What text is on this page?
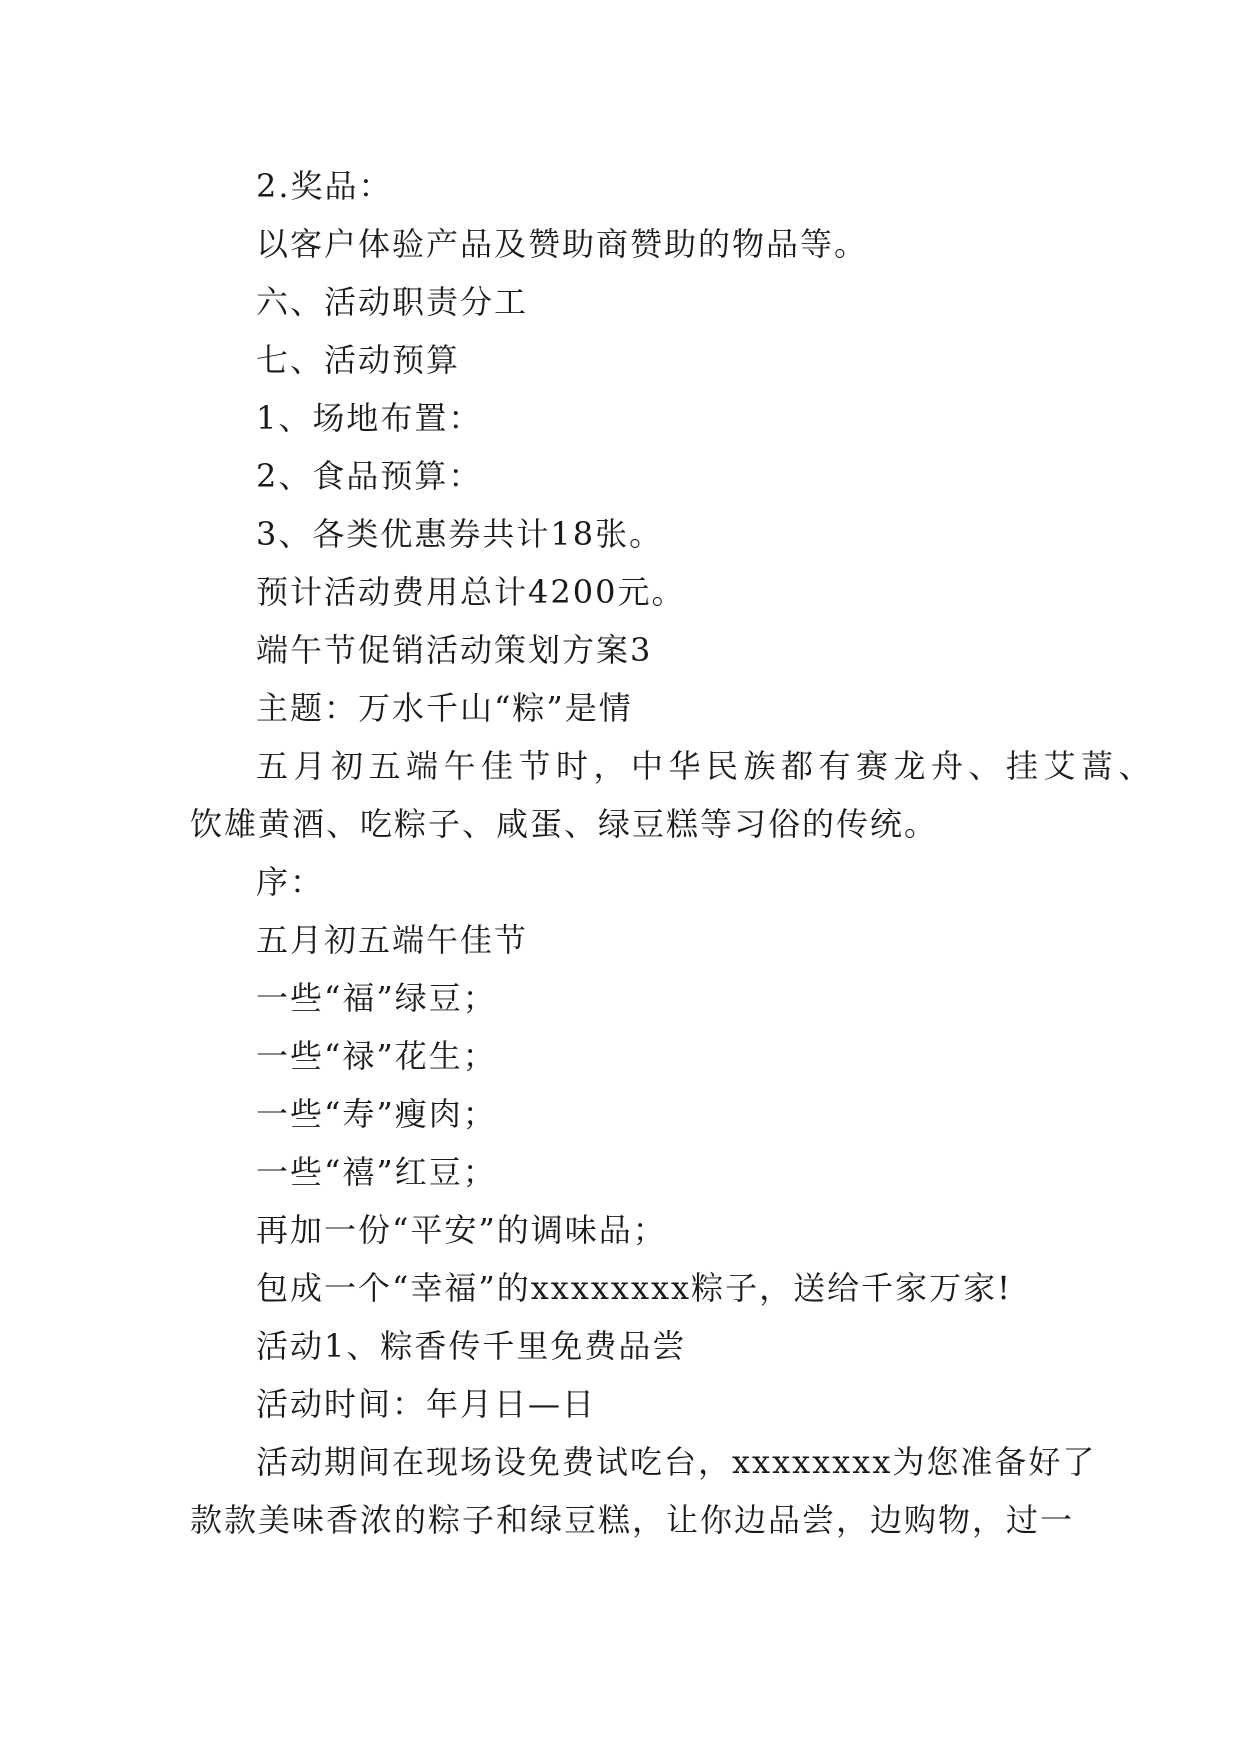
2.奖品：
以客户体验产品及赞助商赞助的物品等。
六、活动职责分工
七、活动预算
1、场地布置：
2、食品预算：
3、各类优惠券共计18张。
预计活动费用总计4200元。
端午节促销活动策划方案3
主题：万水千山“粽”是情
五月初五端午佳节时，中华民族都有赛龙舟、挂艾蒿、
饮雄黄酒、吃粽子、咸蛋、绿豆糕等习俗的传统。
序：
五月初五端午佳节
一些“福”绿豆；
一些“禄”花生；
一些“寿”瘦肉；
一些“禧”红豆；
再加一份“平安”的调味品；
包成一个“幸福”的xxxxxxxx粽子，送给千家万家!
活动1、粽香传千里免费品尝
活动时间：年月日—日
活动期间在现场设免费试吃台，xxxxxxxx为您准备好了
款款美味香浓的粽子和绿豆糕，让你边品尝，边购物，过一
